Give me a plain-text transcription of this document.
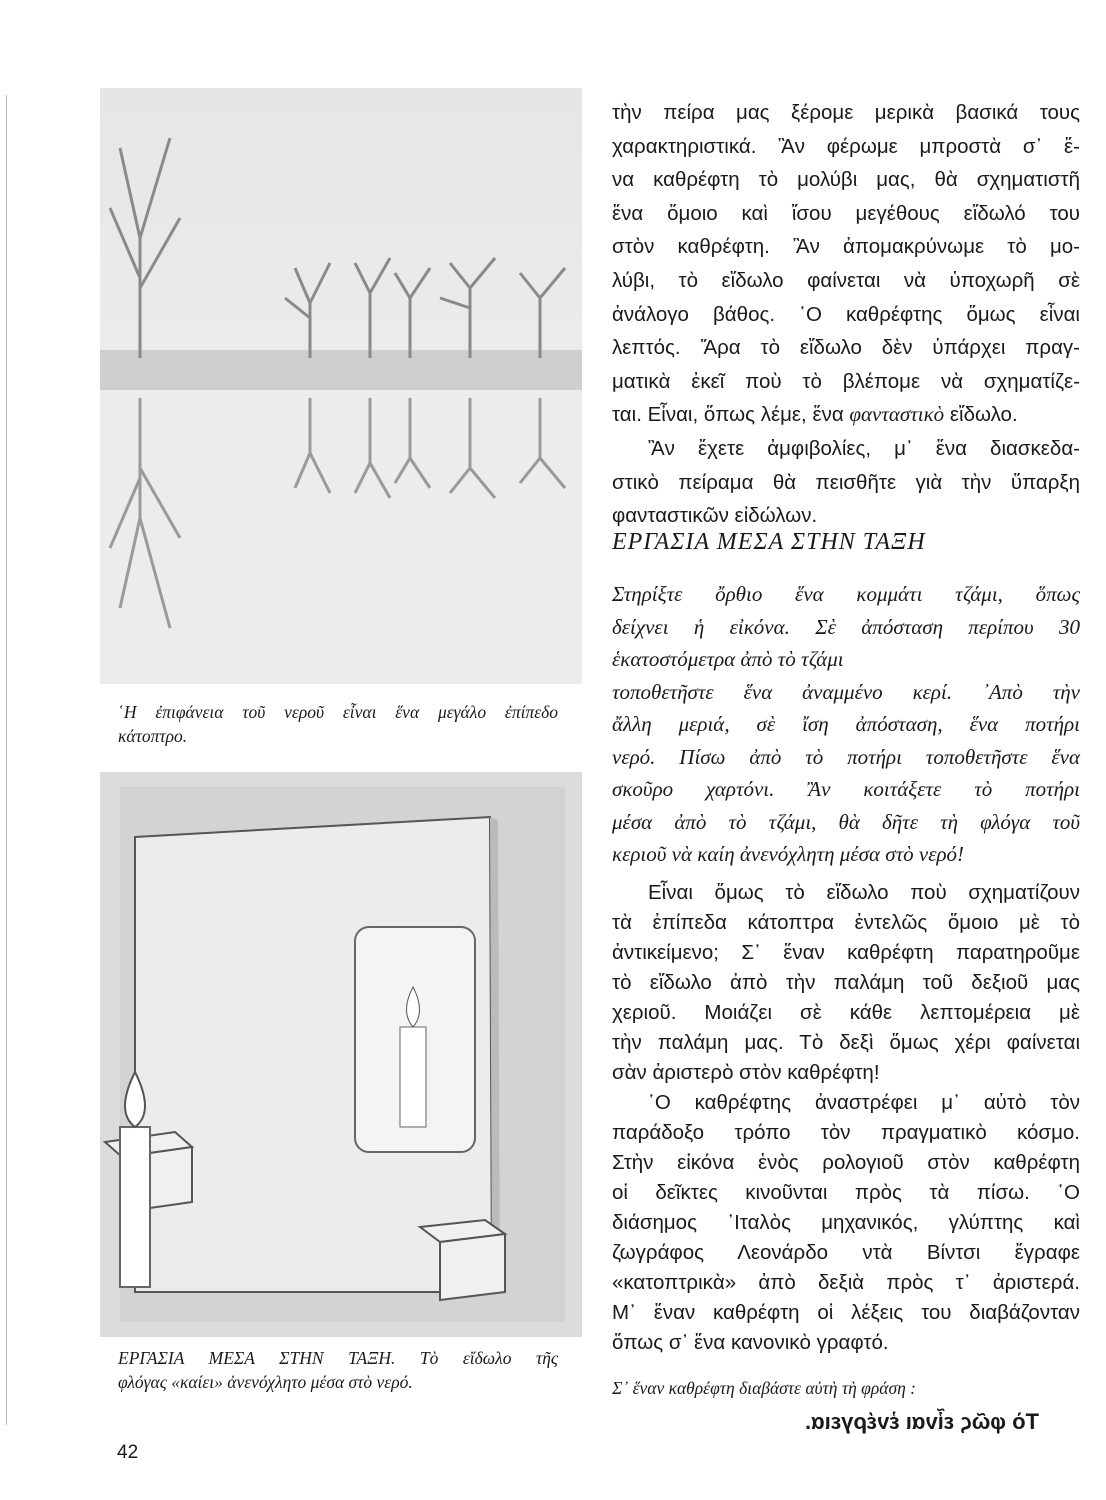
῾Η ἐπιφάνεια τοῦ νεροῦ εἶναι ἕνα μεγάλο ἐπίπεδο
κάτοπτρο.
ΕΡΓΑΣΙΑ ΜΕΣΑ ΣΤΗΝ ΤΑΞΗ. Τὸ εἴδωλο τῆς
φλόγας «καίει» ἀνενόχλητο μέσα στὸ νερό.
42
τὴν πείρα μας ξέρομε μερικὰ βασικά τους
χαρακτηριστικά. Ἂν φέρωμε μπροστὰ σ᾽ ἕ-
να καθρέφτη τὸ μολύβι μας, θὰ σχηματιστῆ
ἕνα ὅμοιο καὶ ἴσου μεγέθους εἴδωλό του
στὸν καθρέφτη. Ἂν ἀπομακρύνωμε τὸ μο-
λύβι, τὸ εἴδωλο φαίνεται νὰ ὑποχωρῆ σὲ
ἀνάλογο βάθος. ῾Ο καθρέφτης ὅμως εἶναι
λεπτός. Ἄρα τὸ εἴδωλο δὲν ὑπάρχει πραγ-
ματικὰ ἐκεῖ ποὺ τὸ βλέπομε νὰ σχηματίζε-
ται. Εἶναι, ὅπως λέμε, ἕνα φανταστικὸ εἴδωλο.
Ἂν ἔχετε ἀμφιβολίες, μ᾽ ἕνα διασκεδα-
στικὸ πείραμα θὰ πεισθῆτε γιὰ τὴν ὕπαρξη
φανταστικῶν εἰδώλων.
ΕΡΓΑΣΙΑ ΜΕΣΑ ΣΤΗΝ ΤΑΞΗ
Στηρίξτε ὄρθιο ἕνα κομμάτι τζάμι, ὅπως
δείχνει ἡ εἰκόνα. Σὲ ἀπόσταση περίπου 30
ἑκατοστόμετρα ἀπὸ τὸ τζάμι
τοποθετῆστε ἕνα ἀναμμένο κερί. ᾽Απὸ τὴν
ἄλλη μεριά, σὲ ἴση ἀπόσταση, ἕνα ποτήρι
νερό. Πίσω ἀπὸ τὸ ποτήρι τοποθετῆστε ἕνα
σκοῦρο χαρτόνι. Ἂν κοιτάξετε τὸ ποτήρι
μέσα ἀπὸ τὸ τζάμι, θὰ δῆτε τὴ φλόγα τοῦ
κεριοῦ νὰ καίη ἀνενόχλητη μέσα στὸ νερό!
Εἶναι ὅμως τὸ εἴδωλο ποὺ σχηματίζουν
τὰ ἐπίπεδα κάτοπτρα ἐντελῶς ὅμοιο μὲ τὸ
ἀντικείμενο; Σ᾽ ἕναν καθρέφτη παρατηροῦμε
τὸ εἴδωλο ἀπὸ τὴν παλάμη τοῦ δεξιοῦ μας
χεριοῦ. Μοιάζει σὲ κάθε λεπτομέρεια μὲ
τὴν παλάμη μας. Τὸ δεξὶ ὅμως χέρι φαίνεται
σὰν ἀριστερὸ στὸν καθρέφτη!
῾Ο καθρέφτης ἀναστρέφει μ᾽ αὐτὸ τὸν
παράδοξο τρόπο τὸν πραγματικὸ κόσμο.
Στὴν εἰκόνα ἑνὸς ρολογιοῦ στὸν καθρέφτη
οἱ δεῖκτες κινοῦνται πρὸς τὰ πίσω. ῾Ο
διάσημος ᾽Ιταλὸς μηχανικός, γλύπτης καὶ
ζωγράφος Λεονάρδο ντὰ Βίντσι ἔγραφε
«κατοπτρικὰ» ἀπὸ δεξιὰ πρὸς τ᾽ ἀριστερά.
Μ᾽ ἕναν καθρέφτη οἱ λέξεις του διαβάζονταν
ὅπως σ᾽ ἕνα κανονικὸ γραφτό.
Σ᾽ ἕναν καθρέφτη διαβάστε αὐτὴ τὴ φράση :
Τὸ φῶς εἶναι ἐνέργεια.
